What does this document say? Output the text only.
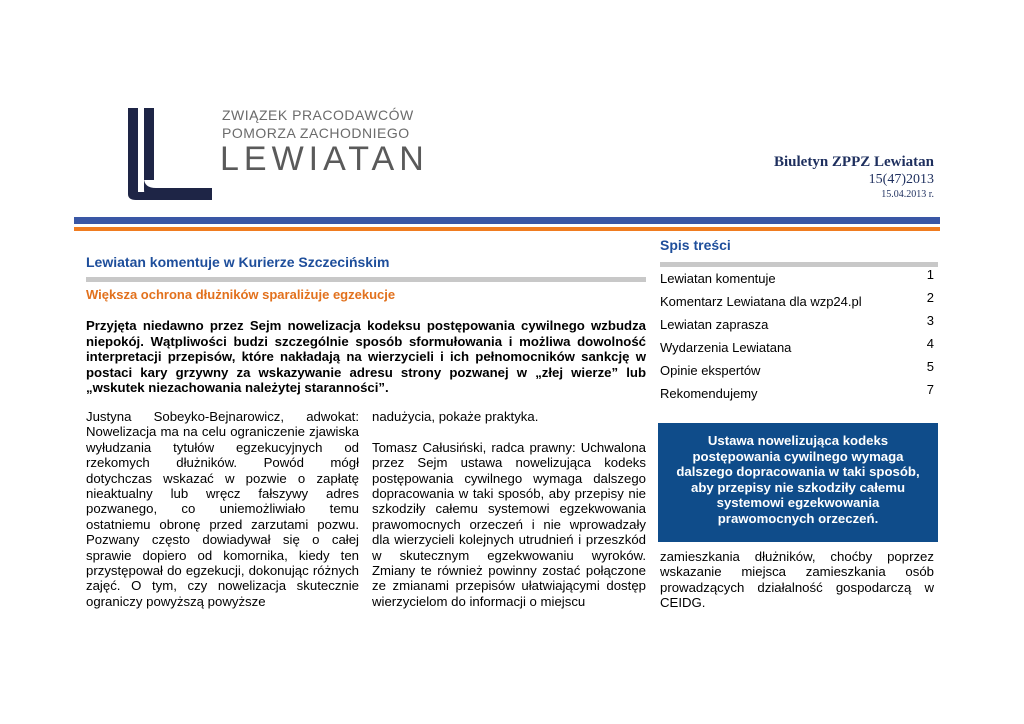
ZWIĄZEK PRACODAWCÓW
POMORZA ZACHODNIEGO
LEWIATAN	Biuletyn ZPPZ Lewiatan
15(47)2013
15.04.2013 r.
Lewiatan komentuje w Kurierze Szczecińskim
Większa ochrona dłużników sparaliżuje egzekucje
Przyjęta niedawno przez Sejm nowelizacja kodeksu postępowania cywilnego wzbudza niepokój. Wątpliwości budzi szczególnie sposób sformułowania i możliwa dowolność interpretacji przepisów, które nakładają na wierzycieli i ich pełnomocników sankcję w postaci kary grzywny za wskazywanie adresu strony pozwanej w „złej wierze” lub „wskutek niezachowania należytej staranności”.

Justyna Sobeyko-Bejnarowicz, adwokat: Nowelizacja ma na celu ograniczenie zjawiska wyłudzania tytułów egzekucyjnych od rzekomych dłużników. Powód mógł dotychczas wskazać w pozwie o zapłatę nieaktualny lub wręcz fałszywy adres pozwanego, co uniemożliwiało temu ostatniemu obronę przed zarzutami pozwu. Pozwany często dowiadywał się o całej sprawie dopiero od komornika, kiedy ten przystępował do egzekucji, dokonując różnych zajęć. O tym, czy nowelizacja skutecznie ograniczy powyższą powyższe

nadużycia, pokaże praktyka.

Tomasz Całusiński, radca prawny: Uchwalona przez Sejm ustawa nowelizująca kodeks postępowania cywilnego wymaga dalszego dopracowania w taki sposób, aby przepisy nie szkodziły całemu systemowi egzekwowania prawomocnych orzeczeń i nie wprowadzały dla wierzycieli kolejnych utrudnień i przeszkód w skutecznym egzekwowaniu wyroków. Zmiany te również powinny zostać połączone ze zmianami przepisów ułatwiającymi dostęp wierzycielom do informacji o miejscu

Spis treści
Lewiatan komentuje	1
Komentarz Lewiatana dla wzp24.pl	2
Lewiatan zaprasza	3
Wydarzenia Lewiatana	4
Opinie ekspertów	5
Rekomendujemy	7
Ustawa nowelizująca kodeks postępowania cywilnego wymaga dalszego dopracowania w taki sposób, aby przepisy nie szkodziły całemu systemowi egzekwowania prawomocnych orzeczeń.
zamieszkania dłużników, choćby poprzez wskazanie miejsca zamieszkania osób prowadzących działalność gospodarczą w CEIDG.
